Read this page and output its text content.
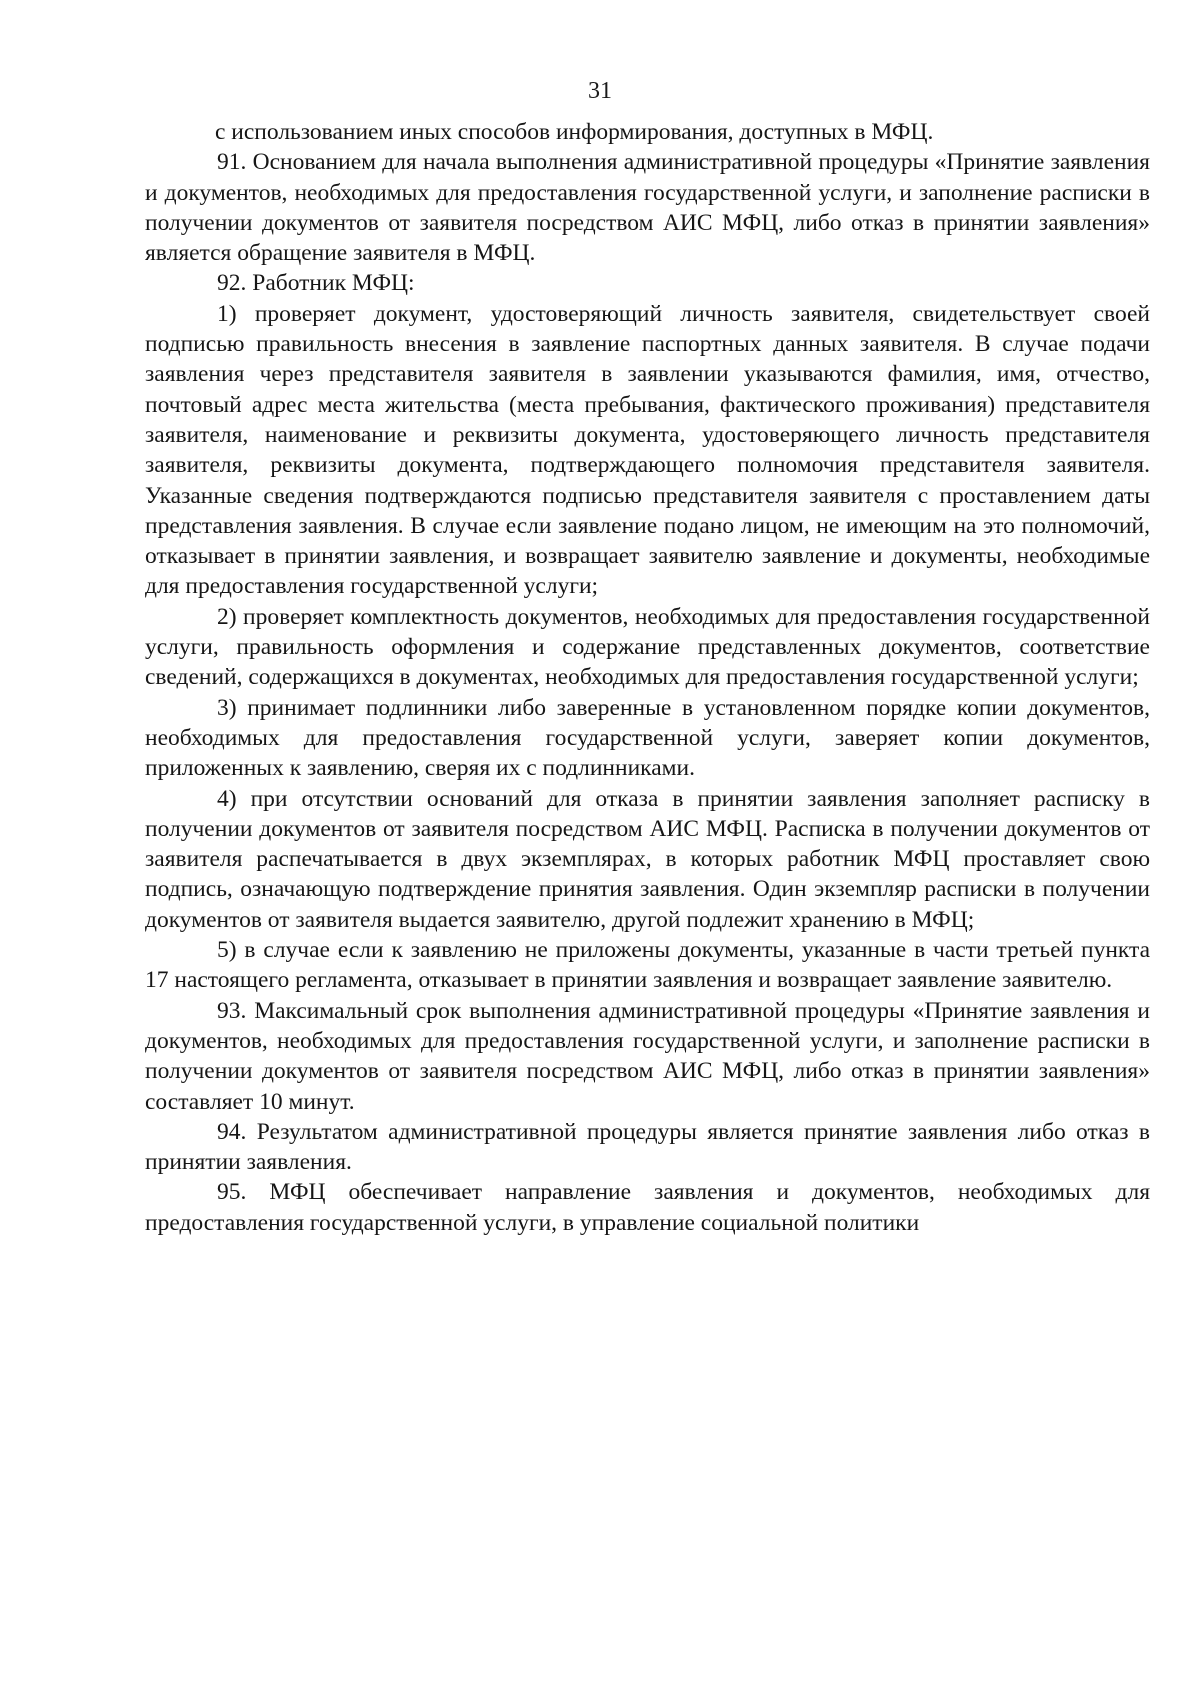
31

с использованием иных способов информирования, доступных в МФЦ.

91. Основанием для начала выполнения административной процедуры «Принятие заявления и документов, необходимых для предоставления государственной услуги, и заполнение расписки в получении документов от заявителя посредством АИС МФЦ, либо отказ в принятии заявления» является обращение заявителя в МФЦ.

92. Работник МФЦ:

1) проверяет документ, удостоверяющий личность заявителя, свидетельствует своей подписью правильность внесения в заявление паспортных данных заявителя. В случае подачи заявления через представителя заявителя в заявлении указываются фамилия, имя, отчество, почтовый адрес места жительства (места пребывания, фактического проживания) представителя заявителя, наименование и реквизиты документа, удостоверяющего личность представителя заявителя, реквизиты документа, подтверждающего полномочия представителя заявителя. Указанные сведения подтверждаются подписью представителя заявителя с проставлением даты представления заявления. В случае если заявление подано лицом, не имеющим на это полномочий, отказывает в принятии заявления, и возвращает заявителю заявление и документы, необходимые для предоставления государственной услуги;

2) проверяет комплектность документов, необходимых для предоставления государственной услуги, правильность оформления и содержание представленных документов, соответствие сведений, содержащихся в документах, необходимых для предоставления государственной услуги;

3) принимает подлинники либо заверенные в установленном порядке копии документов, необходимых для предоставления государственной услуги, заверяет копии документов, приложенных к заявлению, сверяя их с подлинниками.

4) при отсутствии оснований для отказа в принятии заявления заполняет расписку в получении документов от заявителя посредством АИС МФЦ. Расписка в получении документов от заявителя распечатывается в двух экземплярах, в которых работник МФЦ проставляет свою подпись, означающую подтверждение принятия заявления. Один экземпляр расписки в получении документов от заявителя выдается заявителю, другой подлежит хранению в МФЦ;

5) в случае если к заявлению не приложены документы, указанные в части третьей пункта 17 настоящего регламента, отказывает в принятии заявления и возвращает заявление заявителю.

93. Максимальный срок выполнения административной процедуры «Принятие заявления и документов, необходимых для предоставления государственной услуги, и заполнение расписки в получении документов от заявителя посредством АИС МФЦ, либо отказ в принятии заявления» составляет 10 минут.

94. Результатом административной процедуры является принятие заявления либо отказ в принятии заявления.

95. МФЦ обеспечивает направление заявления и документов, необходимых для предоставления государственной услуги, в управление социальной политики
